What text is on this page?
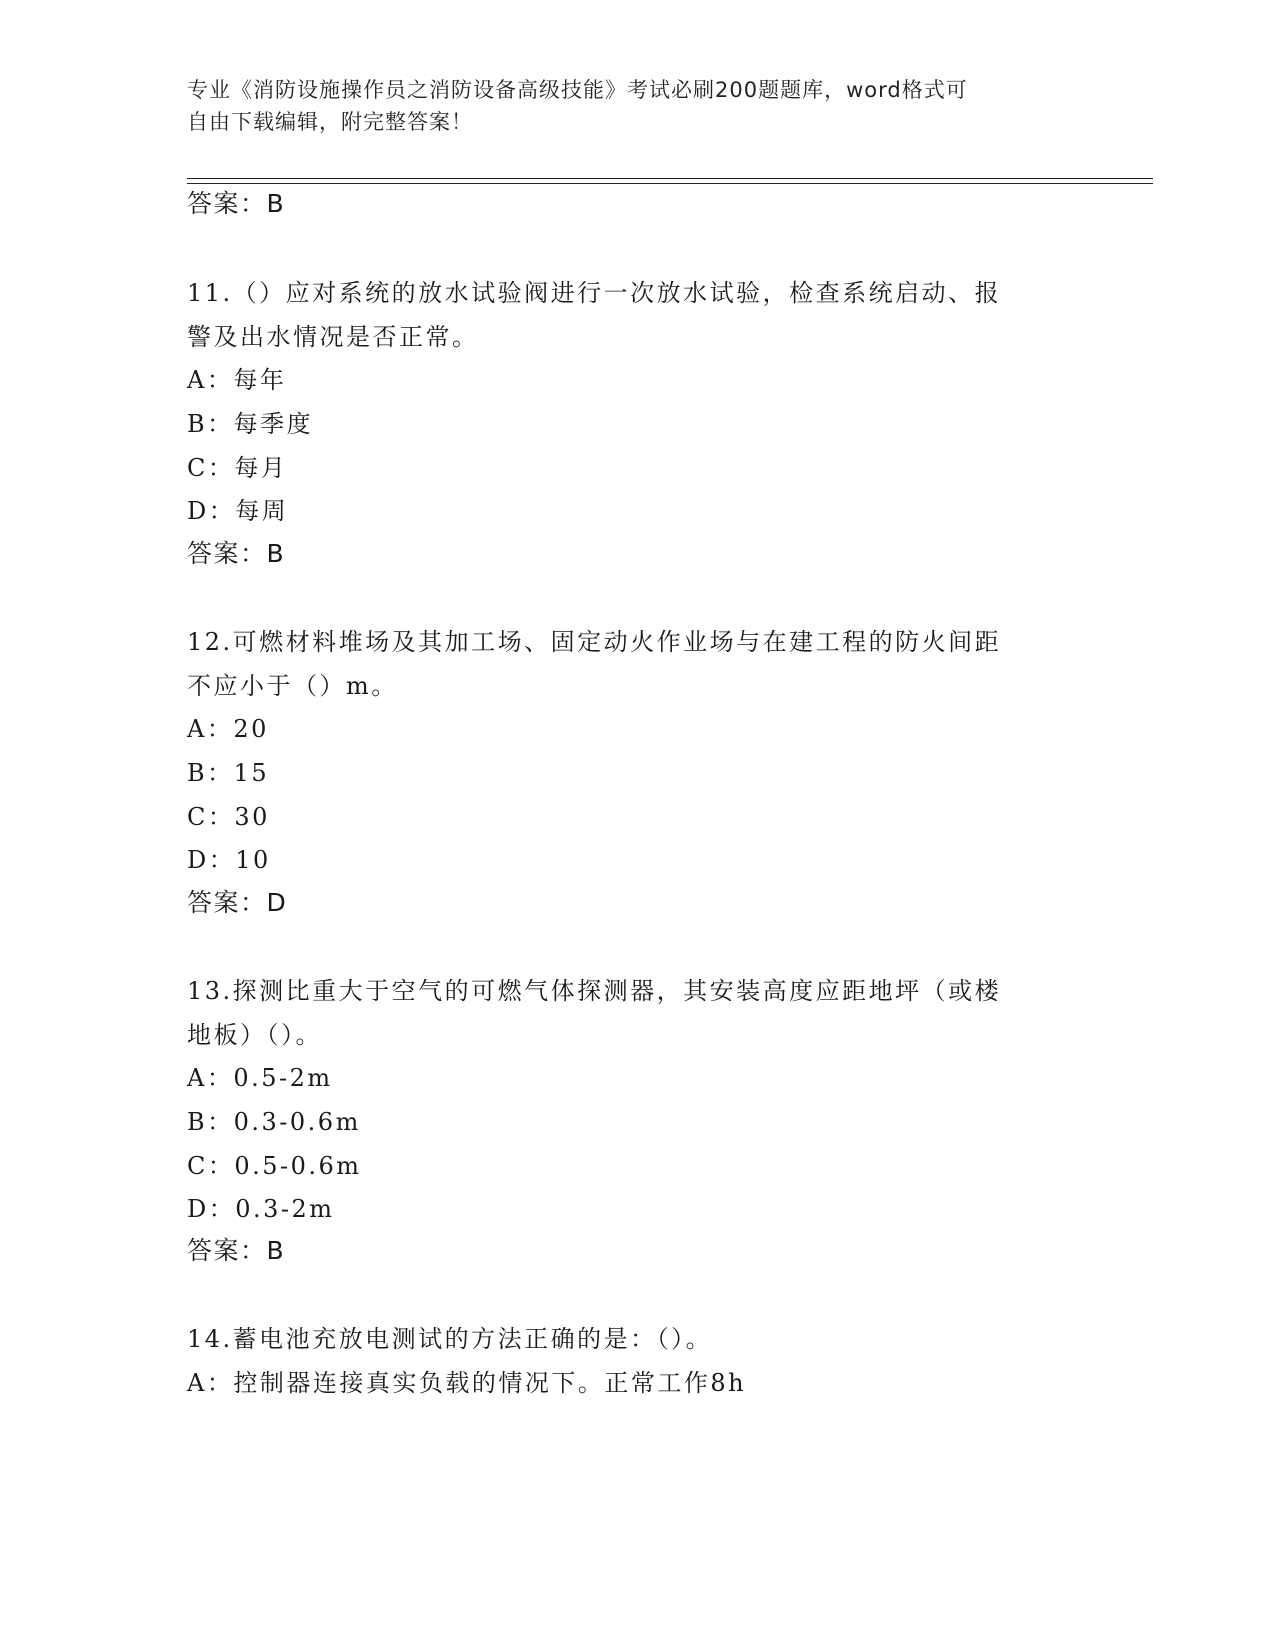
专业《消防设施操作员之消防设备高级技能》考试必刷200题题库，word格式可
自由下载编辑，附完整答案！
答案：B
11.（）应对系统的放水试验阀进行一次放水试验，检查系统启动、报
警及出水情况是否正常。
A：每年
B：每季度
C：每月
D：每周
答案：B
12.可燃材料堆场及其加工场、固定动火作业场与在建工程的防火间距
不应小于（）m。
A：20
B：15
C：30
D：10
答案：D
13.探测比重大于空气的可燃气体探测器，其安装高度应距地坪（或楼
地板）（）。
A：0.5-2m
B：0.3-0.6m
C：0.5-0.6m
D：0.3-2m
答案：B
14.蓄电池充放电测试的方法正确的是：（）。
A：控制器连接真实负载的情况下。正常工作8h
